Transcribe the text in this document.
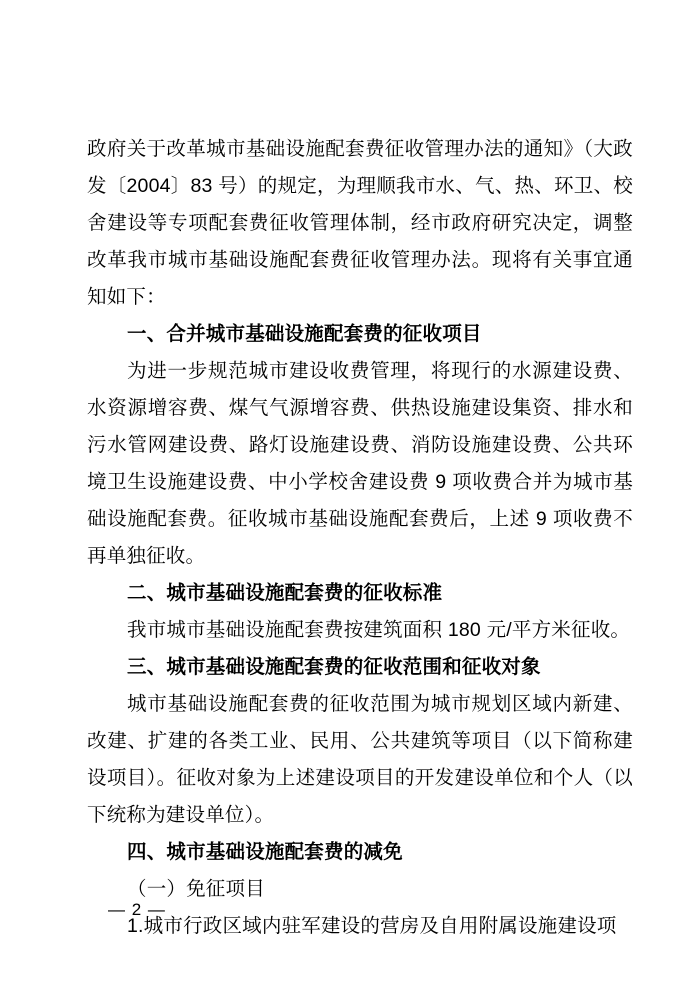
政府关于改革城市基础设施配套费征收管理办法的通知》（大政发〔2004〕83 号）的规定，为理顺我市水、气、热、环卫、校舍建设等专项配套费征收管理体制，经市政府研究决定，调整改革我市城市基础设施配套费征收管理办法。现将有关事宜通知如下：

一、合并城市基础设施配套费的征收项目

为进一步规范城市建设收费管理，将现行的水源建设费、水资源增容费、煤气气源增容费、供热设施建设集资、排水和污水管网建设费、路灯设施建设费、消防设施建设费、公共环境卫生设施建设费、中小学校舍建设费 9 项收费合并为城市基础设施配套费。征收城市基础设施配套费后，上述 9 项收费不再单独征收。

二、城市基础设施配套费的征收标准

我市城市基础设施配套费按建筑面积 180 元/平方米征收。

三、城市基础设施配套费的征收范围和征收对象

城市基础设施配套费的征收范围为城市规划区域内新建、改建、扩建的各类工业、民用、公共建筑等项目（以下简称建设项目）。征收对象为上述建设项目的开发建设单位和个人（以下统称为建设单位）。

四、城市基础设施配套费的减免

（一）免征项目

1.城市行政区域内驻军建设的营房及自用附属设施建设项

— 2 —
